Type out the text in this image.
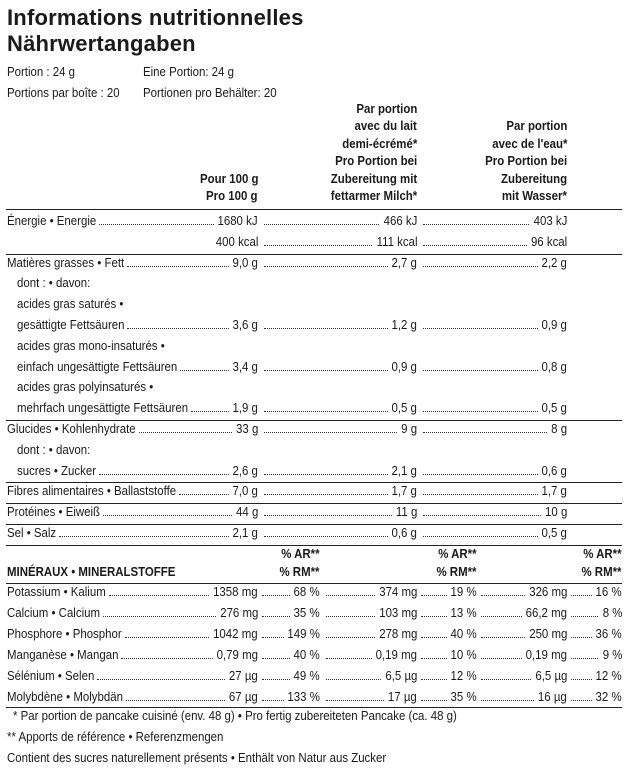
Informations nutritionnelles
Nährwertangaben
Portion : 24 g	Eine Portion: 24 g
Portions par boîte : 20 Portionen pro Behälter: 20
Pour 100 g
Pro 100 g
Par portion
avec du lait
demi-écrémé*
Pro Portion bei
Zubereitung mit
fettarmer Milch*
Par portion
avec de l'eau*
Pro Portion bei
Zubereitung
mit Wasser*
Énergie • Energie	1680 kJ	466 kJ	403 kJ
400 kcal	111 kcal	96 kcal
Matières grasses • Fett	9,0 g	2,7 g	2,2 g
dont : • davon:
acides gras saturés •
gesättigte Fettsäuren	3,6 g	1,2 g	0,9 g
acides gras mono-insaturés •
einfach ungesättigte Fettsäuren	3,4 g	0,9 g	0,8 g
acides gras polyinsaturés •
mehrfach ungesättigte Fettsäuren	1,9 g	0,5 g	0,5 g
Glucides • Kohlenhydrate	33 g	9 g	8 g
dont : • davon:
sucres • Zucker	2,6 g	2,1 g	0,6 g
Fibres alimentaires • Ballaststoffe	7,0 g	1,7 g	1,7 g
Protéines • Eiweiß	44 g	11 g	10 g
Sel • Salz	2,1 g	0,6 g	0,5 g
% AR**
% RM**
% AR**
% RM**
% AR**
% RM**
MINÉRAUX • MINERALSTOFFE
Potassium • Kalium	1358 mg	68 %	374 mg	19 %	326 mg 16 %
Calcium • Calcium	276 mg	35 %	103 mg	13 %	66,2 mg	8 %
Phosphore • Phosphor	1042 mg 149 %	278 mg	40 %	250 mg 36 %
Manganèse • Mangan	0,79 mg	40 %	0,19 mg	10 %	0,19 mg	9 %
Sélénium • Selen	27 µg	49 %	6,5 µg	12 %	6,5 µg 12 %
Molybdène • Molybdän	67 µg 133 %	17 µg	35 %	16 µg 32 %
* Par portion de pancake cuisiné (env. 48 g) • Pro fertig zubereiteten Pancake (ca. 48 g)
** Apports de référence • Referenzmengen
Contient des sucres naturellement présents • Enthält von Natur aus Zucker
